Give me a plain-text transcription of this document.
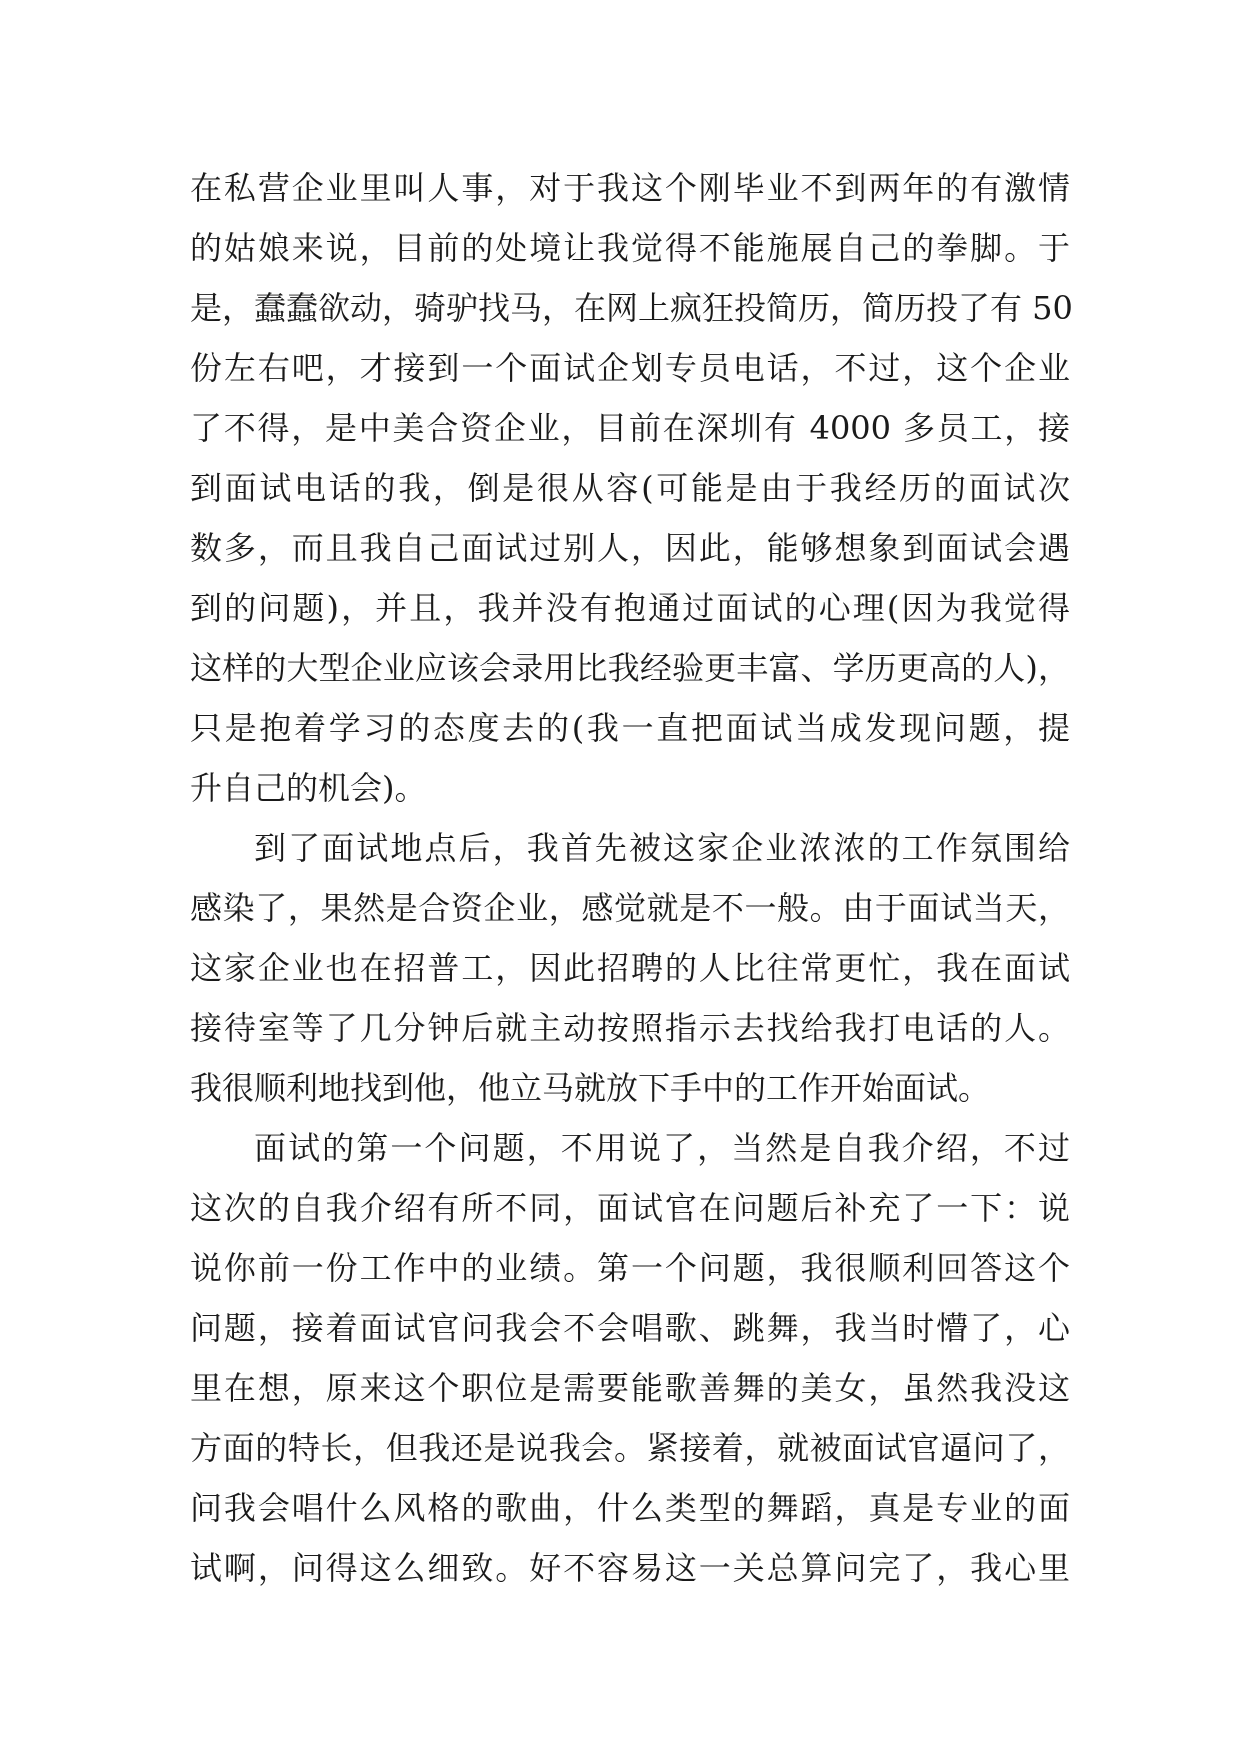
在私营企业里叫人事，对于我这个刚毕业不到两年的有激情
的姑娘来说，目前的处境让我觉得不能施展自己的拳脚。于
是，蠢蠢欲动，骑驴找马，在网上疯狂投简历，简历投了有 50
份左右吧，才接到一个面试企划专员电话，不过，这个企业
了不得，是中美合资企业，目前在深圳有 4000 多员工，接
到面试电话的我，倒是很从容(可能是由于我经历的面试次
数多，而且我自己面试过别人，因此，能够想象到面试会遇
到的问题)，并且，我并没有抱通过面试的心理(因为我觉得
这样的大型企业应该会录用比我经验更丰富、学历更高的人)，
只是抱着学习的态度去的(我一直把面试当成发现问题，提
升自己的机会)。
到了面试地点后，我首先被这家企业浓浓的工作氛围给
感染了，果然是合资企业，感觉就是不一般。由于面试当天，
这家企业也在招普工，因此招聘的人比往常更忙，我在面试
接待室等了几分钟后就主动按照指示去找给我打电话的人。
我很顺利地找到他，他立马就放下手中的工作开始面试。
面试的第一个问题，不用说了，当然是自我介绍，不过
这次的自我介绍有所不同，面试官在问题后补充了一下：说
说你前一份工作中的业绩。第一个问题，我很顺利回答这个
问题，接着面试官问我会不会唱歌、跳舞，我当时懵了，心
里在想，原来这个职位是需要能歌善舞的美女，虽然我没这
方面的特长，但我还是说我会。紧接着，就被面试官逼问了，
问我会唱什么风格的歌曲，什么类型的舞蹈，真是专业的面
试啊，问得这么细致。好不容易这一关总算问完了，我心里
